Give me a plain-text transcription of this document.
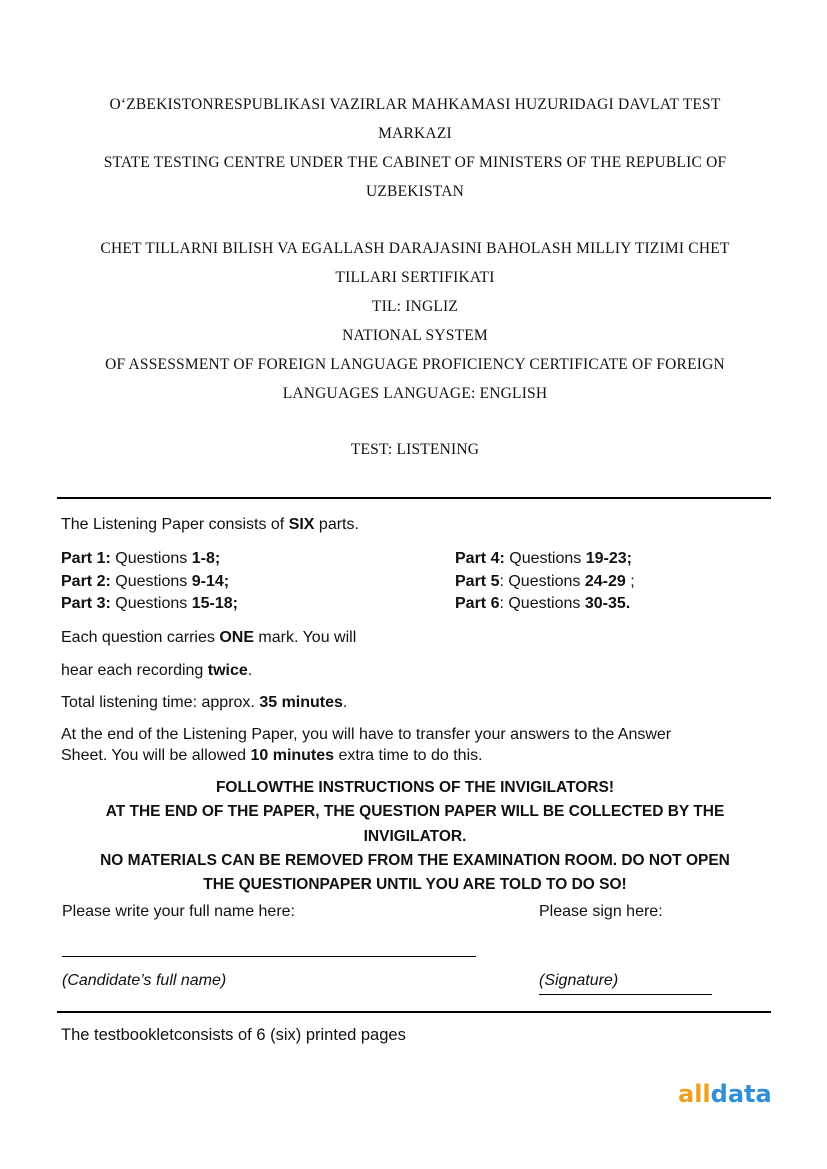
O‘ZBEKISTONRESPUBLIKASI VAZIRLAR MAHKAMASI HUZURIDAGI DAVLAT TEST
MARKAZI
STATE TESTING CENTRE UNDER THE CABINET OF MINISTERS OF THE REPUBLIC OF
UZBEKISTAN
CHET TILLARNI BILISH VA EGALLASH DARAJASINI BAHOLASH MILLIY TIZIMI CHET
TILLARI SERTIFIKATI
TIL: INGLIZ
NATIONAL SYSTEM
OF ASSESSMENT OF FOREIGN LANGUAGE PROFICIENCY CERTIFICATE OF FOREIGN
LANGUAGES LANGUAGE: ENGLISH
TEST: LISTENING
The Listening Paper consists of SIX parts.
Part 1: Questions 1-8;
Part 2: Questions 9-14;
Part 3: Questions 15-18;
Part 4: Questions 19-23;
Part 5: Questions 24-29 ;
Part 6: Questions 30-35.
Each question carries ONE mark. You will
hear each recording twice.
Total listening time: approx. 35 minutes.
At the end of the Listening Paper, you will have to transfer your answers to the Answer
Sheet. You will be allowed 10 minutes extra time to do this.
FOLLOWTHE INSTRUCTIONS OF THE INVIGILATORS!
AT THE END OF THE PAPER, THE QUESTION PAPER WILL BE COLLECTED BY THE
INVIGILATOR.
NO MATERIALS CAN BE REMOVED FROM THE EXAMINATION ROOM. DO NOT OPEN
THE QUESTIONPAPER UNTIL YOU ARE TOLD TO DO SO!
Please write your full name here:	Please sign here:
(Candidate’s full name)	(Signature)
The testbookletconsists of 6 (six) printed pages
alldata
